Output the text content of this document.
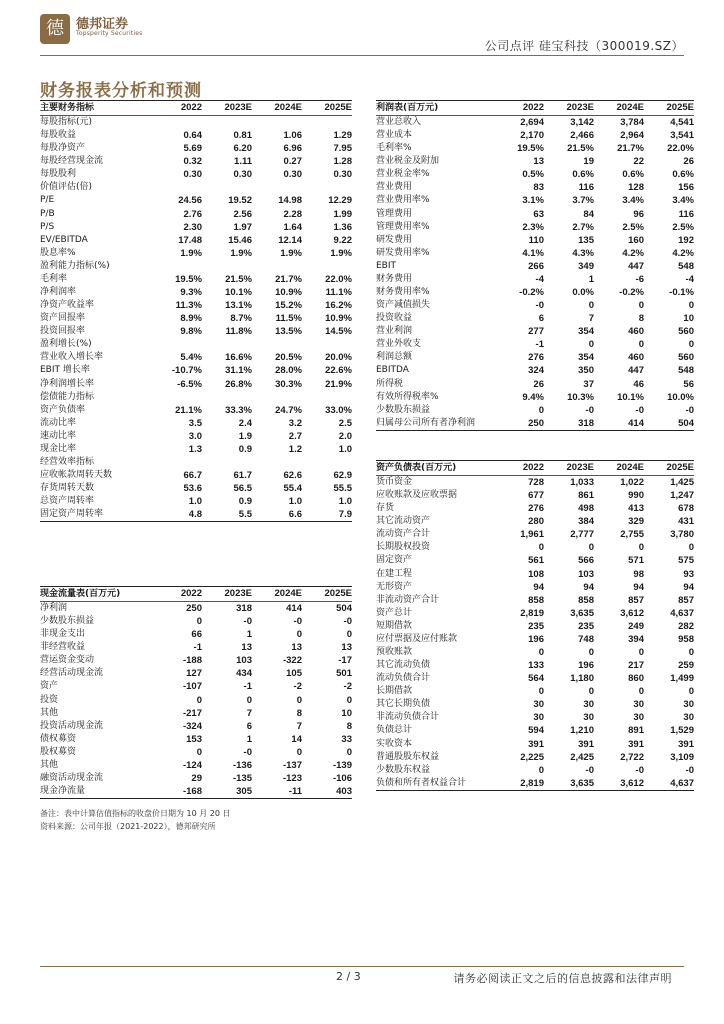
德 德邦证券
Topsperity Securities
公司点评 硅宝科技（300019.SZ）
财务报表分析和预测
主要财务指标	2022	2023E	2024E	2025E
每股指标(元)
每股收益	0.64	0.81	1.06	1.29
每股净资产	5.69	6.20	6.96	7.95
每股经营现金流	0.32	1.11	0.27	1.28
每股股利	0.30	0.30	0.30	0.30
价值评估(倍)
P/E	24.56	19.52	14.98	12.29
P/B	2.76	2.56	2.28	1.99
P/S	2.30	1.97	1.64	1.36
EV/EBITDA	17.48	15.46	12.14	9.22
股息率%	1.9%	1.9%	1.9%	1.9%
盈利能力指标(%)
毛利率	19.5%	21.5%	21.7%	22.0%
净利润率	9.3%	10.1%	10.9%	11.1%
净资产收益率	11.3%	13.1%	15.2%	16.2%
资产回报率	8.9%	8.7%	11.5%	10.9%
投资回报率	9.8%	11.8%	13.5%	14.5%
盈利增长(%)
营业收入增长率	5.4%	16.6%	20.5%	20.0%
EBIT 增长率	-10.7%	31.1%	28.0%	22.6%
净利润增长率	-6.5%	26.8%	30.3%	21.9%
偿债能力指标
资产负债率	21.1%	33.3%	24.7%	33.0%
流动比率	3.5	2.4	3.2	2.5
速动比率	3.0	1.9	2.7	2.0
现金比率	1.3	0.9	1.2	1.0
经营效率指标
应收帐款周转天数	66.7	61.7	62.6	62.9
存货周转天数	53.6	56.5	55.4	55.5
总资产周转率	1.0	0.9	1.0	1.0
固定资产周转率	4.8	5.5	6.6	7.9
利润表(百万元)	2022	2023E	2024E	2025E
营业总收入	2,694	3,142	3,784	4,541
营业成本	2,170	2,466	2,964	3,541
毛利率%	19.5%	21.5%	21.7%	22.0%
营业税金及附加	13	19	22	26
营业税金率%	0.5%	0.6%	0.6%	0.6%
营业费用	83	116	128	156
营业费用率%	3.1%	3.7%	3.4%	3.4%
管理费用	63	84	96	116
管理费用率%	2.3%	2.7%	2.5%	2.5%
研发费用	110	135	160	192
研发费用率%	4.1%	4.3%	4.2%	4.2%
EBIT	266	349	447	548
财务费用	-4	1	-6	-4
财务费用率%	-0.2%	0.0%	-0.2%	-0.1%
资产减值损失	-0	0	0	0
投资收益	6	7	8	10
营业利润	277	354	460	560
营业外收支	-1	0	0	0
利润总额	276	354	460	560
EBITDA	324	350	447	548
所得税	26	37	46	56
有效所得税率%	9.4%	10.3%	10.1%	10.0%
少数股东损益	0	-0	-0	-0
归属母公司所有者净利润	250	318	414	504
资产负债表(百万元)	2022	2023E	2024E	2025E
货币资金	728	1,033	1,022	1,425
应收账款及应收票据	677	861	990	1,247
存货	276	498	413	678
其它流动资产	280	384	329	431
流动资产合计	1,961	2,777	2,755	3,780
长期股权投资	0	0	0	0
固定资产	561	566	571	575
在建工程	108	103	98	93
无形资产	94	94	94	94
非流动资产合计	858	858	857	857
资产总计	2,819	3,635	3,612	4,637
短期借款	235	235	249	282
应付票据及应付账款	196	748	394	958
预收账款	0	0	0	0
其它流动负债	133	196	217	259
流动负债合计	564	1,180	860	1,499
长期借款	0	0	0	0
其它长期负债	30	30	30	30
非流动负债合计	30	30	30	30
负债总计	594	1,210	891	1,529
实收资本	391	391	391	391
普通股股东权益	2,225	2,425	2,722	3,109
少数股东权益	0	-0	-0	-0
负债和所有者权益合计	2,819	3,635	3,612	4,637
现金流量表(百万元)	2022	2023E	2024E	2025E
净利润	250	318	414	504
少数股东损益	0	-0	-0	-0
非现金支出	66	1	0	0
非经营收益	-1	13	13	13
营运资金变动	-188	103	-322	-17
经营活动现金流	127	434	105	501
资产	-107	-1	-2	-2
投资	0	0	0	0
其他	-217	7	8	10
投资活动现金流	-324	6	7	8
债权募资	153	1	14	33
股权募资	0	-0	0	0
其他	-124	-136	-137	-139
融资活动现金流	29	-135	-123	-106
现金净流量	-168	305	-11	403
备注：表中计算估值指标的收盘价日期为 10 月 20 日
资料来源：公司年报（2021-2022），德邦研究所
2 / 3	请务必阅读正文之后的信息披露和法律声明
